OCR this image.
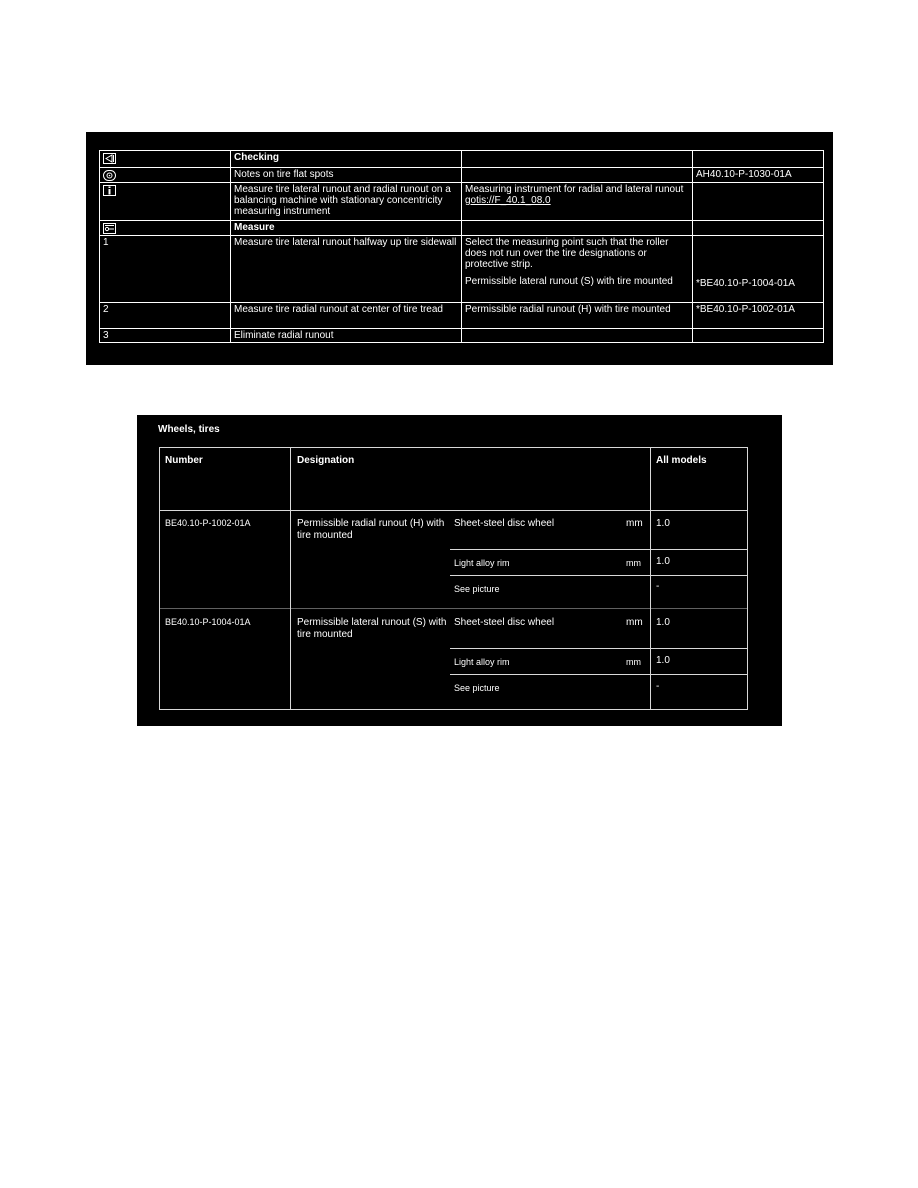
	Checking		

	Notes on tire flat spots		AH40.10-P-1030-01A

	Measure tire lateral runout and radial runout on a balancing machine with stationary concentricity measuring instrument	Measuring instrument for radial and lateral runout
gotis://F_40.1_08.0	

	Measure		
1	Measure tire lateral runout halfway up tire sidewall	Select the measuring point such that the roller does not run over the tire designations or protective strip.
Permissible lateral runout (S) with tire mounted	*BE40.10-P-1004-01A
2	Measure tire radial runout at center of tire tread	Permissible radial runout (H) with tire mounted	*BE40.10-P-1002-01A
3	Eliminate radial runout		
Wheels, tires
Number	Designation	All models
BE40.10-P-1002-01A	Permissible radial runout (H) with tire mounted
Sheet-steel disc wheel	mm 1.0
Light alloy rim	mm 1.0
See picture	-
BE40.10-P-1004-01A	Permissible lateral runout (S) with tire mounted
Sheet-steel disc wheel	mm 1.0
Light alloy rim	mm 1.0
See picture	-
